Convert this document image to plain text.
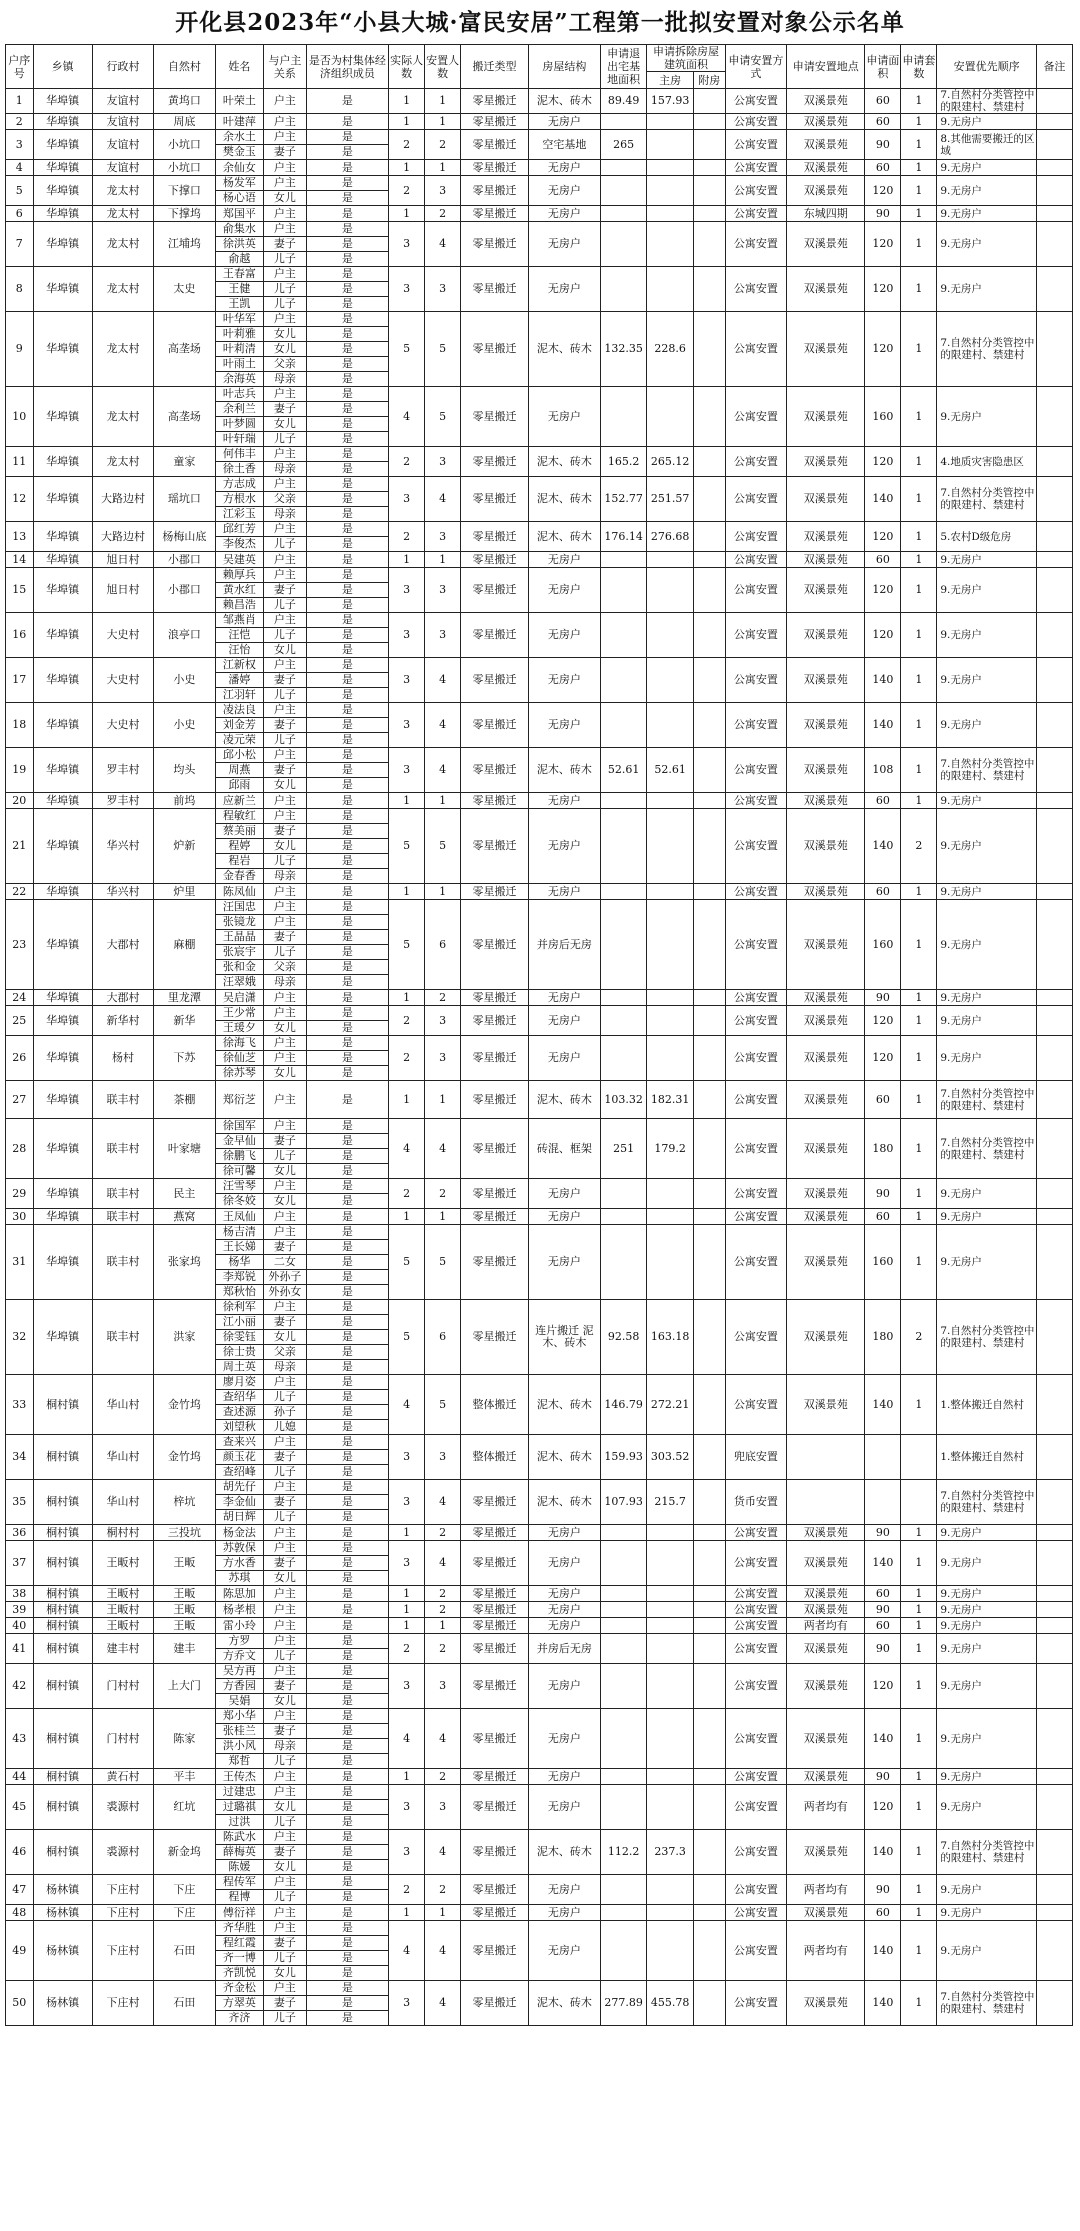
开化县2023年“小县大城·富民安居”工程第一批拟安置对象公示名单
户序号	乡镇	行政村	自然村	姓名	与户主关系	是否为村集体经济组织成员	实际人数	安置人数	搬迁类型	房屋结构	申请退出宅基地面积	申请拆除房屋建筑面积		申请安置方式	申请安置地点	申请面积	申请套数	安置优先顺序	备注
												主房	附房						
1	华埠镇	友谊村	黄坞口	叶荣土	户主	是	1	1	零星搬迁	泥木、砖木	89.49	157.93		公寓安置	双溪景苑	60	1	7.自然村分类管控中的限建村、禁建村	
2	华埠镇	友谊村	周底	叶建萍	户主	是	1	1	零星搬迁	无房户				公寓安置	双溪景苑	60	1	9.无房户	
3	华埠镇	友谊村	小坑口	余水土	户主	是	2	2	零星搬迁	空宅基地	265			公寓安置	双溪景苑	90	1	8.其他需要搬迁的区域	
				樊金玉	妻子	是													
4	华埠镇	友谊村	小坑口	余仙女	户主	是	1	1	零星搬迁	无房户				公寓安置	双溪景苑	60	1	9.无房户	
5	华埠镇	龙太村	下撑口	杨发军	户主	是	2	3	零星搬迁	无房户				公寓安置	双溪景苑	120	1	9.无房户	
				杨心语	女儿	是													
6	华埠镇	龙太村	下撑坞	郑国平	户主	是	1	2	零星搬迁	无房户				公寓安置	东城四期	90	1	9.无房户	
7	华埠镇	龙太村	江埔坞	俞集水	户主	是	3	4	零星搬迁	无房户				公寓安置	双溪景苑	120	1	9.无房户	
				徐洪英	妻子	是													
				俞越	儿子	是													
8	华埠镇	龙太村	太史	王春富	户主	是	3	3	零星搬迁	无房户				公寓安置	双溪景苑	120	1	9.无房户	
				王健	儿子	是													
				王凯	儿子	是													
9	华埠镇	龙太村	高垄场	叶华军	户主	是	5	5	零星搬迁	泥木、砖木	132.35	228.6		公寓安置	双溪景苑	120	1	7.自然村分类管控中的限建村、禁建村	
				叶莉雅	女儿	是													
				叶莉清	女儿	是													
				叶雨土	父亲	是													
				余海英	母亲	是													
10	华埠镇	龙太村	高垄场	叶志兵	户主	是	4	5	零星搬迁	无房户				公寓安置	双溪景苑	160	1	9.无房户	
				余利兰	妻子	是													
				叶梦圆	女儿	是													
				叶轩瑞	儿子	是													
11	华埠镇	龙太村	童家	何伟丰	户主	是	2	3	零星搬迁	泥木、砖木	165.2	265.12		公寓安置	双溪景苑	120	1	4.地质灾害隐患区	
				徐土香	母亲	是													
12	华埠镇	大路边村	瑶坑口	方志成	户主	是	3	4	零星搬迁	泥木、砖木	152.77	251.57		公寓安置	双溪景苑	140	1	7.自然村分类管控中的限建村、禁建村	
				方根水	父亲	是													
				江彩玉	母亲	是													
13	华埠镇	大路边村	杨梅山底	邱红芳	户主	是	2	3	零星搬迁	泥木、砖木	176.14	276.68		公寓安置	双溪景苑	120	1	5.农村D级危房	
				李俊杰	儿子	是													
14	华埠镇	旭日村	小郡口	吴建英	户主	是	1	1	零星搬迁	无房户				公寓安置	双溪景苑	60	1	9.无房户	
15	华埠镇	旭日村	小郡口	赖厚兵	户主	是	3	3	零星搬迁	无房户				公寓安置	双溪景苑	120	1	9.无房户	
				黄水红	妻子	是													
				赖昌浩	儿子	是													
16	华埠镇	大史村	浪亭口	邹燕肖	户主	是	3	3	零星搬迁	无房户				公寓安置	双溪景苑	120	1	9.无房户	
				汪恺	儿子	是													
				汪怡	女儿	是													
17	华埠镇	大史村	小史	江新权	户主	是	3	4	零星搬迁	无房户				公寓安置	双溪景苑	140	1	9.无房户	
				潘婷	妻子	是													
				江羽轩	儿子	是													
18	华埠镇	大史村	小史	凌法良	户主	是	3	4	零星搬迁	无房户				公寓安置	双溪景苑	140	1	9.无房户	
				刘金芳	妻子	是													
				凌元荣	儿子	是													
19	华埠镇	罗丰村	均头	邱小松	户主	是	3	4	零星搬迁	泥木、砖木	52.61	52.61		公寓安置	双溪景苑	108	1	7.自然村分类管控中的限建村、禁建村	
				周燕	妻子	是													
				邱雨	女儿	是													
20	华埠镇	罗丰村	前坞	应新兰	户主	是	1	1	零星搬迁	无房户				公寓安置	双溪景苑	60	1	9.无房户	
21	华埠镇	华兴村	炉新	程敏红	户主	是	5	5	零星搬迁	无房户				公寓安置	双溪景苑	140	2	9.无房户	
				蔡美丽	妻子	是													
				程婷	女儿	是													
				程岩	儿子	是													
				金春香	母亲	是													
22	华埠镇	华兴村	炉里	陈凤仙	户主	是	1	1	零星搬迁	无房户				公寓安置	双溪景苑	60	1	9.无房户	
23	华埠镇	大郡村	麻棚	汪国忠	户主	是	5	6	零星搬迁	并房后无房				公寓安置	双溪景苑	160	1	9.无房户	
				张镜龙	户主	是													
				王晶晶	妻子	是													
				张宸宇	儿子	是													
				张和金	父亲	是													
				汪翠娥	母亲	是													
24	华埠镇	大郡村	里龙潭	吴启潇	户主	是	1	2	零星搬迁	无房户				公寓安置	双溪景苑	90	1	9.无房户	
25	华埠镇	新华村	新华	王少常	户主	是	2	3	零星搬迁	无房户				公寓安置	双溪景苑	120	1	9.无房户	
				王瑗夕	女儿	是													
26	华埠镇	杨村	下苏	徐海飞	户主	是	2	3	零星搬迁	无房户				公寓安置	双溪景苑	120	1	9.无房户	
				徐仙芝	户主	是													
				徐苏琴	女儿	是													
27	华埠镇	联丰村	茶棚	郑衍芝	户主	是	1	1	零星搬迁	泥木、砖木	103.32	182.31		公寓安置	双溪景苑	60	1	7.自然村分类管控中的限建村、禁建村	
28	华埠镇	联丰村	叶家塘	徐国军	户主	是	4	4	零星搬迁	砖混、框架	251	179.2		公寓安置	双溪景苑	180	1	7.自然村分类管控中的限建村、禁建村	
				金早仙	妻子	是													
				徐鹏飞	儿子	是													
				徐可馨	女儿	是													
29	华埠镇	联丰村	民主	汪雪琴	户主	是	2	2	零星搬迁	无房户				公寓安置	双溪景苑	90	1	9.无房户	
				徐冬姣	女儿	是													
30	华埠镇	联丰村	燕窝	王凤仙	户主	是	1	1	零星搬迁	无房户				公寓安置	双溪景苑	60	1	9.无房户	
31	华埠镇	联丰村	张家坞	杨吉清	户主	是	5	5	零星搬迁	无房户				公寓安置	双溪景苑	160	1	9.无房户	
				王长娣	妻子	是													
				杨华	二女	是													
				李郑锐	外孙子	是													
				郑秋怡	外孙女	是													
32	华埠镇	联丰村	洪家	徐利军	户主	是	5	6	零星搬迁	连片搬迁 泥木、砖木	92.58	163.18		公寓安置	双溪景苑	180	2	7.自然村分类管控中的限建村、禁建村	
				江小丽	妻子	是													
				徐雯钰	女儿	是													
				徐士贵	父亲	是													
				周土英	母亲	是													
33	桐村镇	华山村	金竹坞	廖月姿	户主	是	4	5	整体搬迁	泥木、砖木	146.79	272.21		公寓安置	双溪景苑	140	1	1.整体搬迁自然村	
				查绍华	儿子	是													
				查述源	孙子	是													
				刘望秋	儿媳	是													
34	桐村镇	华山村	金竹坞	查来兴	户主	是	3	3	整体搬迁	泥木、砖木	159.93	303.52		兜底安置				1.整体搬迁自然村	
				颜玉花	妻子	是													
				查绍峰	儿子	是													
35	桐村镇	华山村	梓坑	胡先仔	户主	是	3	4	零星搬迁	泥木、砖木	107.93	215.7		货币安置				7.自然村分类管控中的限建村、禁建村	
				李金仙	妻子	是													
				胡日辉	儿子	是													
36	桐村镇	桐村村	三投坑	杨金法	户主	是	1	2	零星搬迁	无房户				公寓安置	双溪景苑	90	1	9.无房户	
37	桐村镇	王畈村	王畈	苏敦保	户主	是	3	4	零星搬迁	无房户				公寓安置	双溪景苑	140	1	9.无房户	
				方水香	妻子	是													
				苏琪	女儿	是													
38	桐村镇	王畈村	王畈	陈思加	户主	是	1	2	零星搬迁	无房户				公寓安置	双溪景苑	60	1	9.无房户	
39	桐村镇	王畈村	王畈	杨孝根	户主	是	1	2	零星搬迁	无房户				公寓安置	双溪景苑	90	1	9.无房户	
40	桐村镇	王畈村	王畈	雷小玲	户主	是	1	1	零星搬迁	无房户				公寓安置	两者均有	60	1	9.无房户	
41	桐村镇	建丰村	建丰	方罗	户主	是	2	2	零星搬迁	并房后无房				公寓安置	双溪景苑	90	1	9.无房户	
				方乔文	儿子	是													
42	桐村镇	门村村	上大门	吴方再	户主	是	3	3	零星搬迁	无房户				公寓安置	双溪景苑	120	1	9.无房户	
				方香园	妻子	是													
				吴娟	女儿	是													
43	桐村镇	门村村	陈家	郑小华	户主	是	4	4	零星搬迁	无房户				公寓安置	双溪景苑	140	1	9.无房户	
				张桂兰	妻子	是													
				洪小风	母亲	是													
				郑哲	儿子	是													
44	桐村镇	黄石村	平丰	王传杰	户主	是	1	2	零星搬迁	无房户				公寓安置	双溪景苑	90	1	9.无房户	
45	桐村镇	裘源村	红坑	过建忠	户主	是	3	3	零星搬迁	无房户				公寓安置	两者均有	120	1	9.无房户	
				过璐祺	女儿	是													
				过洪	儿子	是													
46	桐村镇	裘源村	新金坞	陈武水	户主	是	3	4	零星搬迁	泥木、砖木	112.2	237.3		公寓安置	双溪景苑	140	1	7.自然村分类管控中的限建村、禁建村	
				薛梅英	妻子	是													
				陈媛	女儿	是													
47	杨林镇	下庄村	下庄	程传军	户主	是	2	2	零星搬迁	无房户				公寓安置	两者均有	90	1	9.无房户	
				程博	儿子	是													
48	杨林镇	下庄村	下庄	傅衍祥	户主	是	1	1	零星搬迁	无房户				公寓安置	双溪景苑	60	1	9.无房户	
49	杨林镇	下庄村	石田	齐华胜	户主	是	4	4	零星搬迁	无房户				公寓安置	两者均有	140	1	9.无房户	
				程红霞	妻子	是													
				齐一博	儿子	是													
				齐凯悦	女儿	是													
50	杨林镇	下庄村	石田	齐金松	户主	是	3	4	零星搬迁	泥木、砖木	277.89	455.78		公寓安置	双溪景苑	140	1	7.自然村分类管控中的限建村、禁建村	
				方翠英	妻子	是													
				齐济	儿子	是													
